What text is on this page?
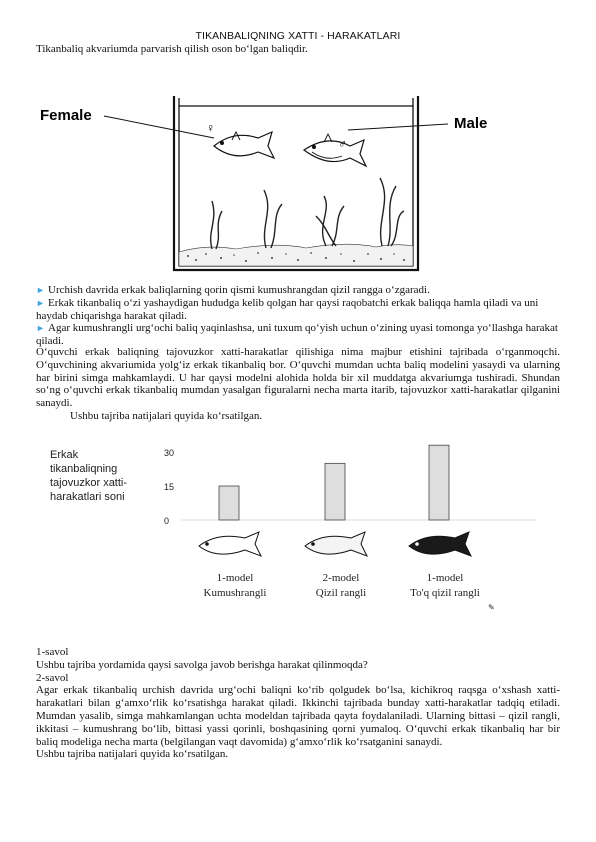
TIKANBALIQNING XATTI - HARAKATLARI
Tikanbaliq akvariumda parvarish qilish oson bo‘lgan baliqdir.
Female	Male
♀
♂
► Urchish davrida erkak baliqlarning qorin qismi kumushrangdan qizil rangga o‘zgaradi.
► Erkak tikanbaliq o‘zi yashaydigan hududga kelib qolgan har qaysi raqobatchi erkak baliqqa hamla qiladi va uni haydab chiqarishga harakat qiladi.
► Agar kumushrangli urg‘ochi baliq yaqinlashsa, uni tuxum qo‘yish uchun o‘zining uyasi tomonga yo‘llashga harakat qiladi.
O‘quvchi erkak baliqning tajovuzkor xatti-harakatlar qilishiga nima majbur etishini tajribada o‘rganmoqchi. O‘quvchining akvariumida yolg‘iz erkak tikanbaliq bor. O‘quvchi mumdan uchta baliq modelini yasaydi va ularning har birini simga mahkamlaydi. U har qaysi modelni alohida holda bir xil muddatga akvariumga tushiradi. Shundan so‘ng o‘quvchi erkak tikanbaliq mumdan yasalgan figuralarni necha marta itarib, tajovuzkor xatti-harakatlar qilganini sanaydi.
Ushbu tajriba natijalari quyida ko‘rsatilgan.
Erkak
tikanbaliqning
tajovuzkor xatti-
harakatlari soni
0
15
30
1-model
Kumushrangli
2-model
Qizil rangli
1-model
To'q qizil rangli
✎
1-savol
Ushbu tajriba yordamida qaysi savolga javob berishga harakat qilinmoqda?
2-savol
Agar erkak tikanbaliq urchish davrida urg‘ochi baliqni ko‘rib qolgudek bo‘lsa, kichikroq raqsga o‘xshash xatti-harakatlari bilan g‘amxo‘rlik ko‘rsatishga harakat qiladi. Ikkinchi tajribada bunday xatti-harakatlar tadqiq etiladi. Mumdan yasalib, simga mahkamlangan uchta modeldan tajribada qayta foydalaniladi. Ularning bittasi – qizil rangli, ikkitasi – kumushrang bo‘lib, bittasi yassi qorinli, boshqasining qorni yumaloq. O‘quvchi erkak tikanbaliq har bir baliq modeliga necha marta (belgilangan vaqt davomida) g‘amxo‘rlik ko‘rsatganini sanaydi.
Ushbu tajriba natijalari quyida ko‘rsatilgan.
